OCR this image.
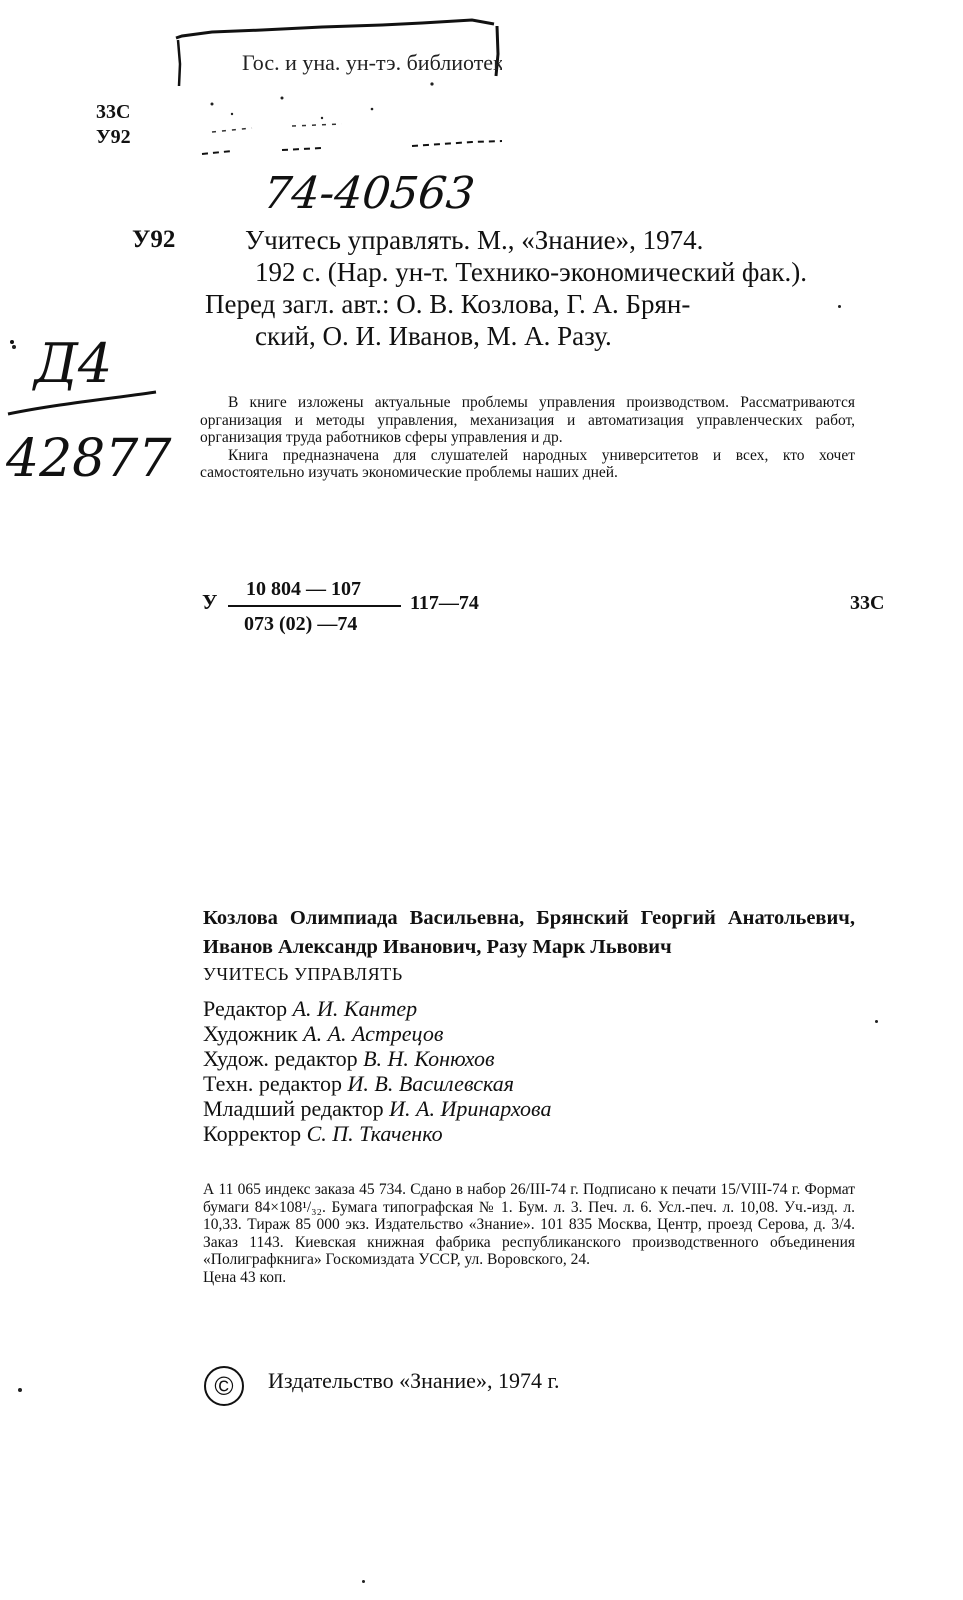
Гос. и уна. ун-тэ. библиотека
74-40563
Д4
42877
33С
У92
У92	Учитесь управлять. М., «Знание», 1974.

192 с. (Нар. ун-т. Технико-экономический фак.).

Перед загл. авт.: О. В. Козлова, Г. А. Брян-

ский, О. И. Иванов, М. А. Разу.

В книге изложены актуальные проблемы управления производством. Рассматриваются организация и методы управления, механизация и автоматизация управленческих работ, организация труда работников сферы управления и др.

Книга предназначена для слушателей народных университетов и всех, кто хочет самостоятельно изучать экономические проблемы наших дней.

У
10 804 — 107
073 (02) —74
117—74	33С
Козлова Олимпиада Васильевна, Брянский Георгий Анатольевич, Иванов Александр Иванович, Разу Марк Львович
УЧИТЕСЬ УПРАВЛЯТЬ
Редактор А. И. Кантер
Художник А. А. Астрецов
Худож. редактор В. Н. Конюхов
Техн. редактор И. В. Василевская
Младший редактор И. А. Иринархова
Корректор С. П. Ткаченко

А 11 065 индекс заказа 45 734. Сдано в набор 26/III-74 г. Подписано к печати 15/VIII-74 г. Формат бумаги 84×108¹/₃₂. Бумага типографская № 1. Бум. л. 3. Печ. л. 6. Усл.-печ. л. 10,08. Уч.-изд. л. 10,33. Тираж 85 000 экз. Издательство «Знание». 101 835 Москва, Центр, проезд Серова, д. 3/4. Заказ 1143. Киевская книжная фабрика республиканского производственного объединения «Полиграфкнига» Госкомиздата УССР, ул. Воровского, 24.

Цена 43 коп.

©	Издательство «Знание», 1974 г.
